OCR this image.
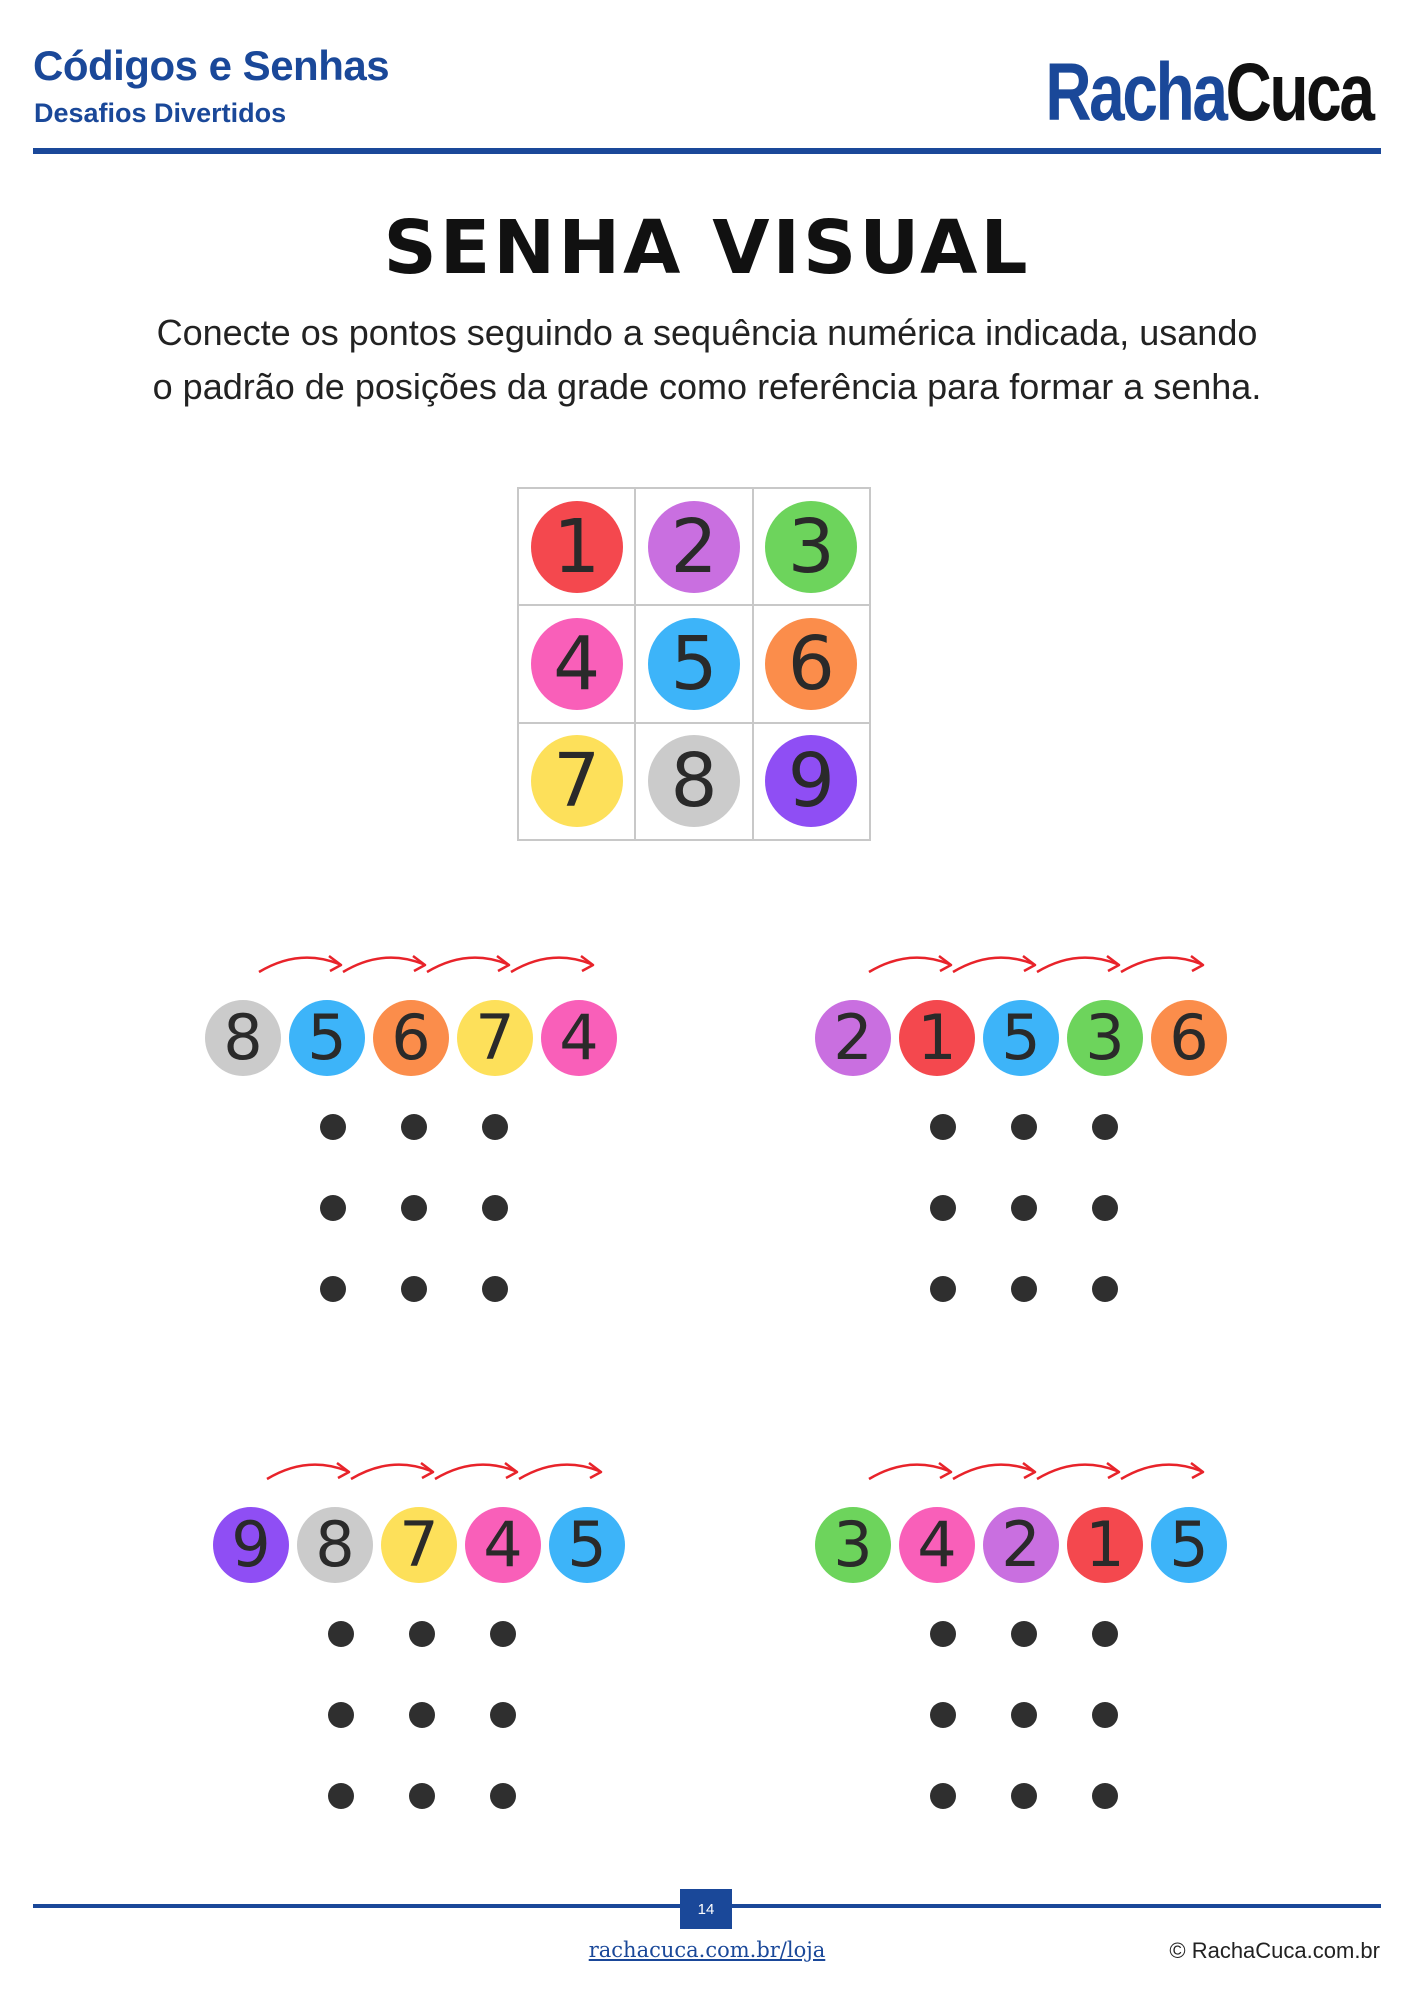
Códigos e Senhas

Desafios Divertidos	Racha Cuca
SENHA VISUAL

Conecte os pontos seguindo a sequência numérica indicada, usando
o padrão de posições da grade como referência para formar a senha.

1 2 3
4 5 6
7 8 9
8 5 6 7 4	2 1 5 3 6
9 8 7 4 5	3 4 2 1 5
14

rachacuca.com.br/loja	© RachaCuca.com.br
